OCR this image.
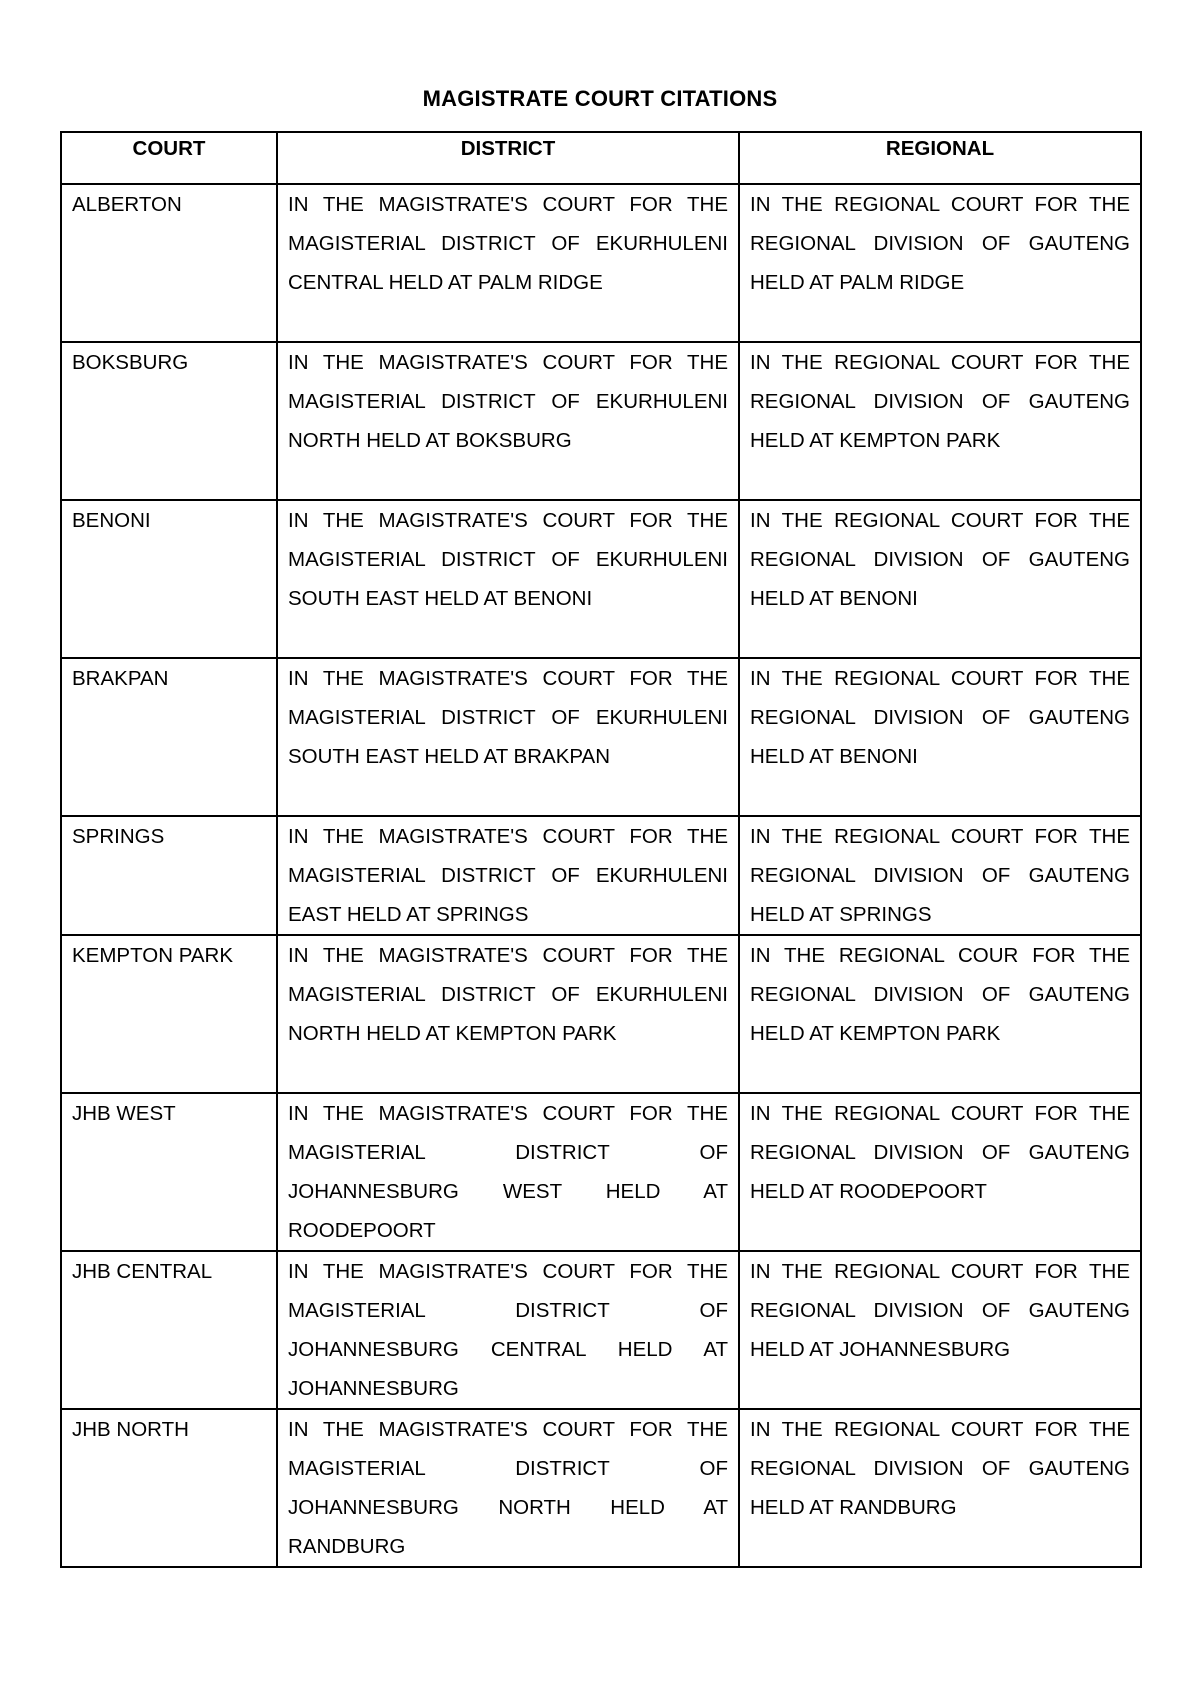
MAGISTRATE COURT CITATIONS
COURT	DISTRICT	REGIONAL
ALBERTON	IN THE MAGISTRATE'S COURT FOR THE MAGISTERIAL DISTRICT OF EKURHULENI CENTRAL HELD AT PALM RIDGE	IN THE REGIONAL COURT FOR THE REGIONAL DIVISION OF GAUTENG HELD AT PALM RIDGE
BOKSBURG	IN THE MAGISTRATE'S COURT FOR THE MAGISTERIAL DISTRICT OF EKURHULENI NORTH HELD AT BOKSBURG	IN THE REGIONAL COURT FOR THE REGIONAL DIVISION OF GAUTENG HELD AT KEMPTON PARK
BENONI	IN THE MAGISTRATE'S COURT FOR THE MAGISTERIAL DISTRICT OF EKURHULENI SOUTH EAST HELD AT BENONI	IN THE REGIONAL COURT FOR THE REGIONAL DIVISION OF GAUTENG HELD AT BENONI
BRAKPAN	IN THE MAGISTRATE'S COURT FOR THE MAGISTERIAL DISTRICT OF EKURHULENI SOUTH EAST HELD AT BRAKPAN	IN THE REGIONAL COURT FOR THE REGIONAL DIVISION OF GAUTENG HELD AT BENONI
SPRINGS	IN THE MAGISTRATE'S COURT FOR THE MAGISTERIAL DISTRICT OF EKURHULENI EAST HELD AT SPRINGS	IN THE REGIONAL COURT FOR THE REGIONAL DIVISION OF GAUTENG HELD AT SPRINGS
KEMPTON PARK	IN THE MAGISTRATE'S COURT FOR THE MAGISTERIAL DISTRICT OF EKURHULENI NORTH HELD AT KEMPTON PARK	IN THE REGIONAL COUR FOR THE REGIONAL DIVISION OF GAUTENG HELD AT KEMPTON PARK
JHB WEST	IN THE MAGISTRATE'S COURT FOR THE MAGISTERIAL DISTRICT OF JOHANNESBURG WEST HELD AT ROODEPOORT	IN THE REGIONAL COURT FOR THE REGIONAL DIVISION OF GAUTENG HELD AT ROODEPOORT
JHB CENTRAL	IN THE MAGISTRATE'S COURT FOR THE MAGISTERIAL DISTRICT OF JOHANNESBURG CENTRAL HELD AT JOHANNESBURG	IN THE REGIONAL COURT FOR THE REGIONAL DIVISION OF GAUTENG HELD AT JOHANNESBURG
JHB NORTH	IN THE MAGISTRATE'S COURT FOR THE MAGISTERIAL DISTRICT OF JOHANNESBURG NORTH HELD AT RANDBURG	IN THE REGIONAL COURT FOR THE REGIONAL DIVISION OF GAUTENG HELD AT RANDBURG
